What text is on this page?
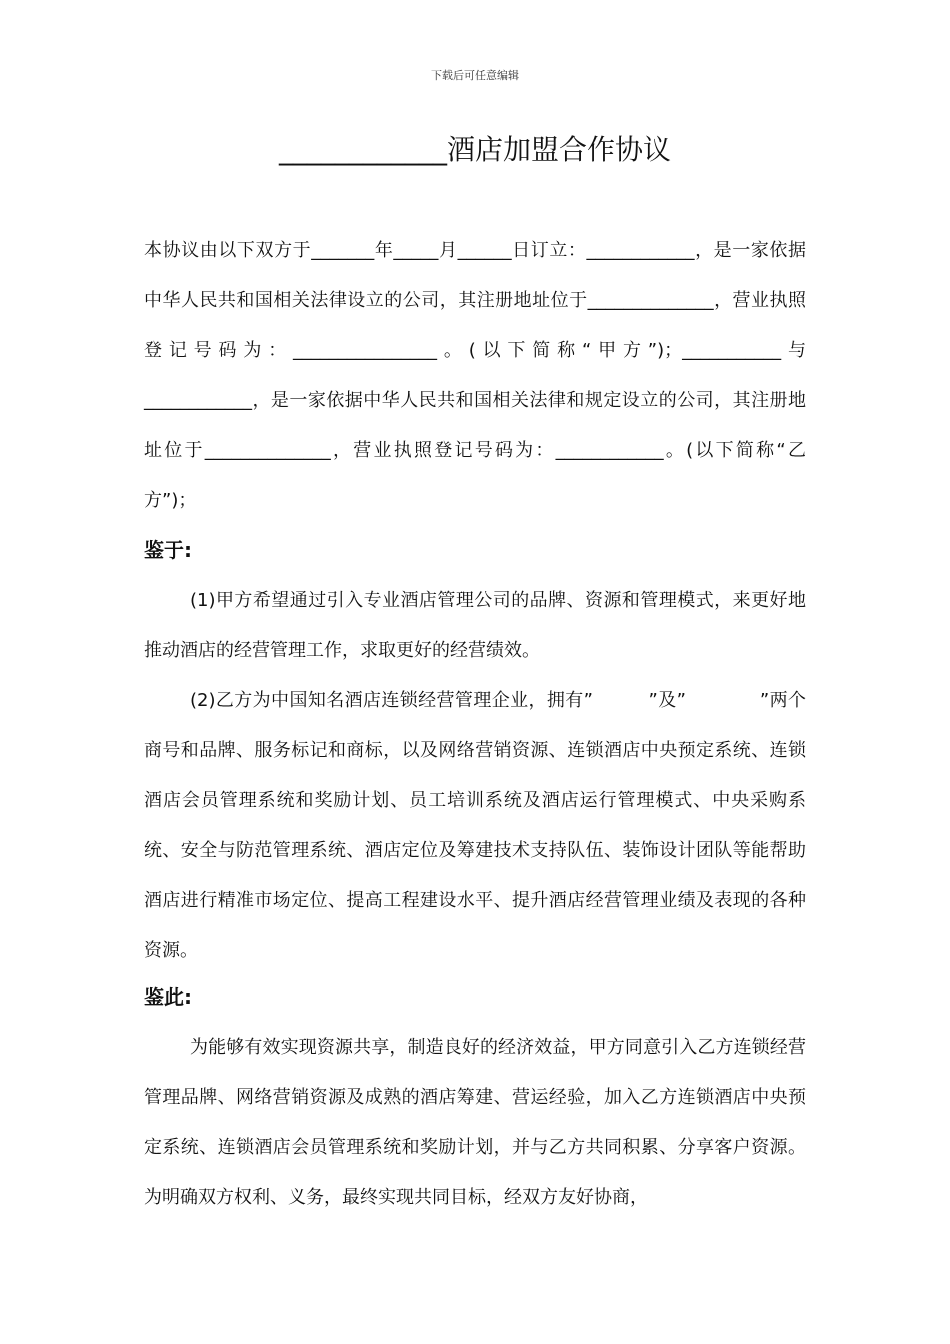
下载后可任意编辑
____________酒店加盟合作协议

本协议由以下双方于_______年_____月______日订立：____________，是一家依据中华人民共和国相关法律设立的公司，其注册地址位于______________，营业执照登记号码为：________________。(以下简称“甲方”)；___________与____________，是一家依据中华人民共和国相关法律和规定设立的公司，其注册地址位于______________，营业执照登记号码为：____________。(以下简称“乙方”)；

鉴于:

(1)甲方希望通过引入专业酒店管理公司的品牌、资源和管理模式，来更好地推动酒店的经营管理工作，求取更好的经营绩效。

(2)乙方为中国知名酒店连锁经营管理企业，拥有”　　　”及”　　　　”两个商号和品牌、服务标记和商标，以及网络营销资源、连锁酒店中央预定系统、连锁酒店会员管理系统和奖励计划、员工培训系统及酒店运行管理模式、中央采购系统、安全与防范管理系统、酒店定位及筹建技术支持队伍、装饰设计团队等能帮助酒店进行精准市场定位、提高工程建设水平、提升酒店经营管理业绩及表现的各种资源。

鉴此:

为能够有效实现资源共享，制造良好的经济效益，甲方同意引入乙方连锁经营管理品牌、网络营销资源及成熟的酒店筹建、营运经验，加入乙方连锁酒店中央预定系统、连锁酒店会员管理系统和奖励计划，并与乙方共同积累、分享客户资源。为明确双方权利、义务，最终实现共同目标，经双方友好协商，
